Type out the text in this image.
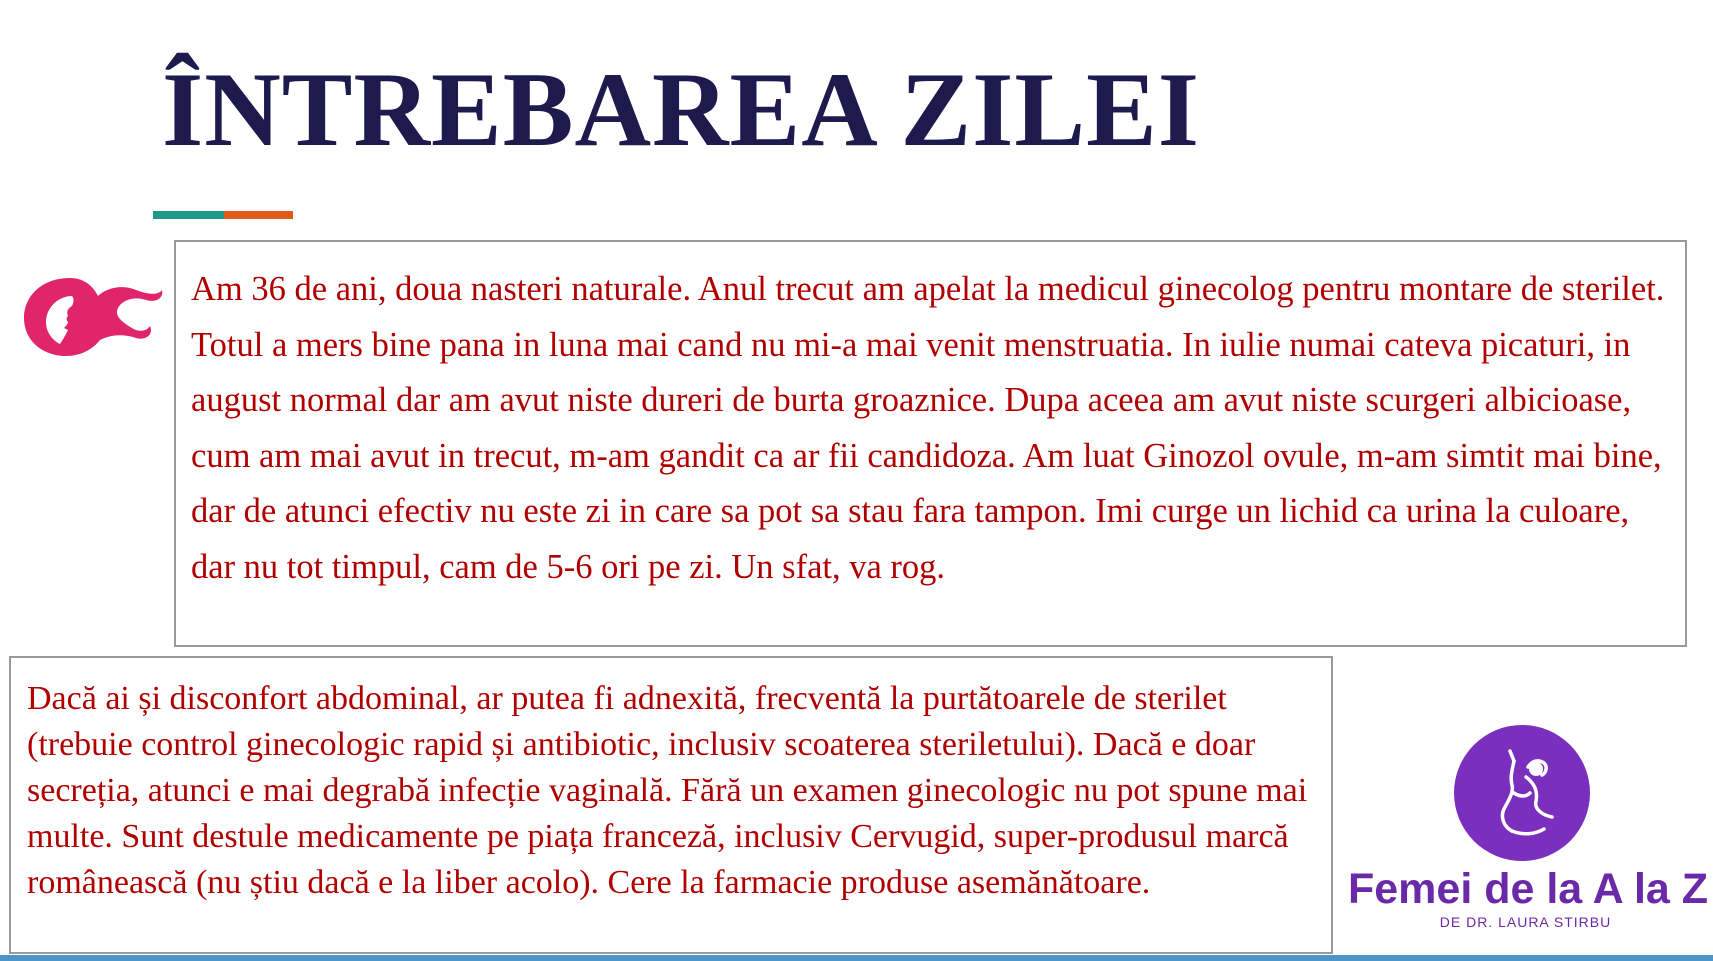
ÎNTREBAREA ZILEI

Am 36 de ani, doua nasteri naturale. Anul trecut am apelat la medicul ginecolog pentru montare de sterilet. Totul a mers bine pana in luna mai cand nu mi-a mai venit menstruatia. In iulie numai cateva picaturi, in august normal dar am avut niste dureri de burta groaznice. Dupa aceea am avut niste scurgeri albicioase, cum am mai avut in trecut, m-am gandit ca ar fii candidoza. Am luat Ginozol ovule, m-am simtit mai bine, dar de atunci efectiv nu este zi in care sa pot sa stau fara tampon. Imi curge un lichid ca urina la culoare, dar nu tot timpul, cam de 5-6 ori pe zi. Un sfat, va rog.

Dacă ai și disconfort abdominal, ar putea fi adnexită, frecventă la purtătoarele de sterilet (trebuie control ginecologic rapid și antibiotic, inclusiv scoaterea steriletului). Dacă e doar secreția, atunci e mai degrabă infecție vaginală. Fără un examen ginecologic nu pot spune mai multe. Sunt destule medicamente pe piața franceză, inclusiv Cervugid, super-produsul marcă românească (nu știu dacă e la liber acolo). Cere la farmacie produse asemănătoare.	Femei de la A la Z
DE DR. LAURA STIRBU
